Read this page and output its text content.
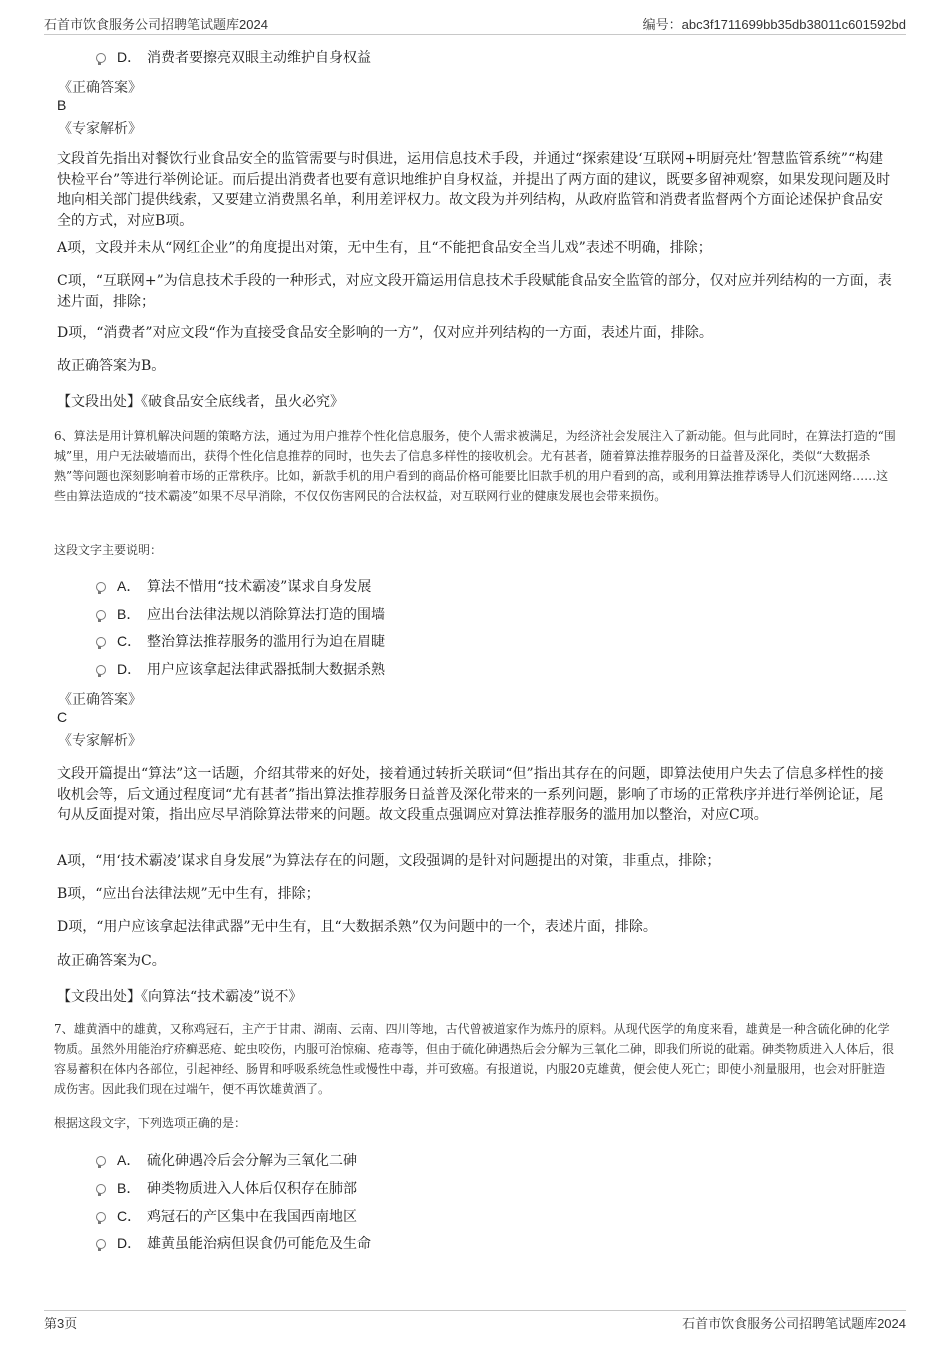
石首市饮食服务公司招聘笔试题库2024	编号：abc3f1711699bb35db38011c601592bd
D． 消费者要擦亮双眼主动维护自身权益
《正确答案》
B
《专家解析》

文段首先指出对餐饮行业食品安全的监管需要与时俱进，运用信息技术手段，并通过“探索建设‘互联网+明厨亮灶’智慧监管系统”“构建快检平台”等进行举例论证。而后提出消费者也要有意识地维护自身权益，并提出了两方面的建议，既要多留神观察，如果发现问题及时地向相关部门提供线索，又要建立消费黑名单，利用差评权力。故文段为并列结构，从政府监管和消费者监督两个方面论述保护食品安全的方式，对应B项。

A项，文段并未从“网红企业”的角度提出对策，无中生有，且“不能把食品安全当儿戏”表述不明确，排除；

C项，“互联网+”为信息技术手段的一种形式，对应文段开篇运用信息技术手段赋能食品安全监管的部分，仅对应并列结构的一方面，表述片面，排除；

D项，“消费者”对应文段“作为直接受食品安全影响的一方”，仅对应并列结构的一方面，表述片面，排除。

故正确答案为B。

【文段出处】《破食品安全底线者，虽火必究》

6、算法是用计算机解决问题的策略方法，通过为用户推荐个性化信息服务，使个人需求被满足，为经济社会发展注入了新动能。但与此同时，在算法打造的“围城”里，用户无法破墙而出，获得个性化信息推荐的同时，也失去了信息多样性的接收机会。尤有甚者，随着算法推荐服务的日益普及深化，类似“大数据杀熟”等问题也深刻影响着市场的正常秩序。比如，新款手机的用户看到的商品价格可能要比旧款手机的用户看到的高，或利用算法推荐诱导人们沉迷网络……这些由算法造成的“技术霸凌”如果不尽早消除，不仅仅伤害网民的合法权益，对互联网行业的健康发展也会带来损伤。

这段文字主要说明：
A． 算法不惜用“技术霸凌”谋求自身发展
B． 应出台法律法规以消除算法打造的围墙
C． 整治算法推荐服务的滥用行为迫在眉睫
D． 用户应该拿起法律武器抵制大数据杀熟
《正确答案》
C
《专家解析》

文段开篇提出“算法”这一话题，介绍其带来的好处，接着通过转折关联词“但”指出其存在的问题，即算法使用户失去了信息多样性的接收机会等，后文通过程度词“尤有甚者”指出算法推荐服务日益普及深化带来的一系列问题，影响了市场的正常秩序并进行举例论证，尾句从反面提对策，指出应尽早消除算法带来的问题。故文段重点强调应对算法推荐服务的滥用加以整治，对应C项。

A项，“用‘技术霸凌’谋求自身发展”为算法存在的问题，文段强调的是针对问题提出的对策，非重点，排除；

B项，“应出台法律法规”无中生有，排除；

D项，“用户应该拿起法律武器”无中生有，且“大数据杀熟”仅为问题中的一个，表述片面，排除。

故正确答案为C。

【文段出处】《向算法“技术霸凌”说不》

7、雄黄酒中的雄黄，又称鸡冠石，主产于甘肃、湖南、云南、四川等地，古代曾被道家作为炼丹的原料。从现代医学的角度来看，雄黄是一种含硫化砷的化学物质。虽然外用能治疗疥癣恶疮、蛇虫咬伤，内服可治惊痫、疮毒等，但由于硫化砷遇热后会分解为三氧化二砷，即我们所说的砒霜。砷类物质进入人体后，很容易蓄积在体内各部位，引起神经、肠胃和呼吸系统急性或慢性中毒，并可致癌。有报道说，内服20克雄黄，便会使人死亡；即使小剂量服用，也会对肝脏造成伤害。因此我们现在过端午，便不再饮雄黄酒了。

根据这段文字，下列选项正确的是：
A． 硫化砷遇冷后会分解为三氧化二砷
B． 砷类物质进入人体后仅积存在肺部
C． 鸡冠石的产区集中在我国西南地区
D． 雄黄虽能治病但误食仍可能危及生命
第3页	石首市饮食服务公司招聘笔试题库2024
